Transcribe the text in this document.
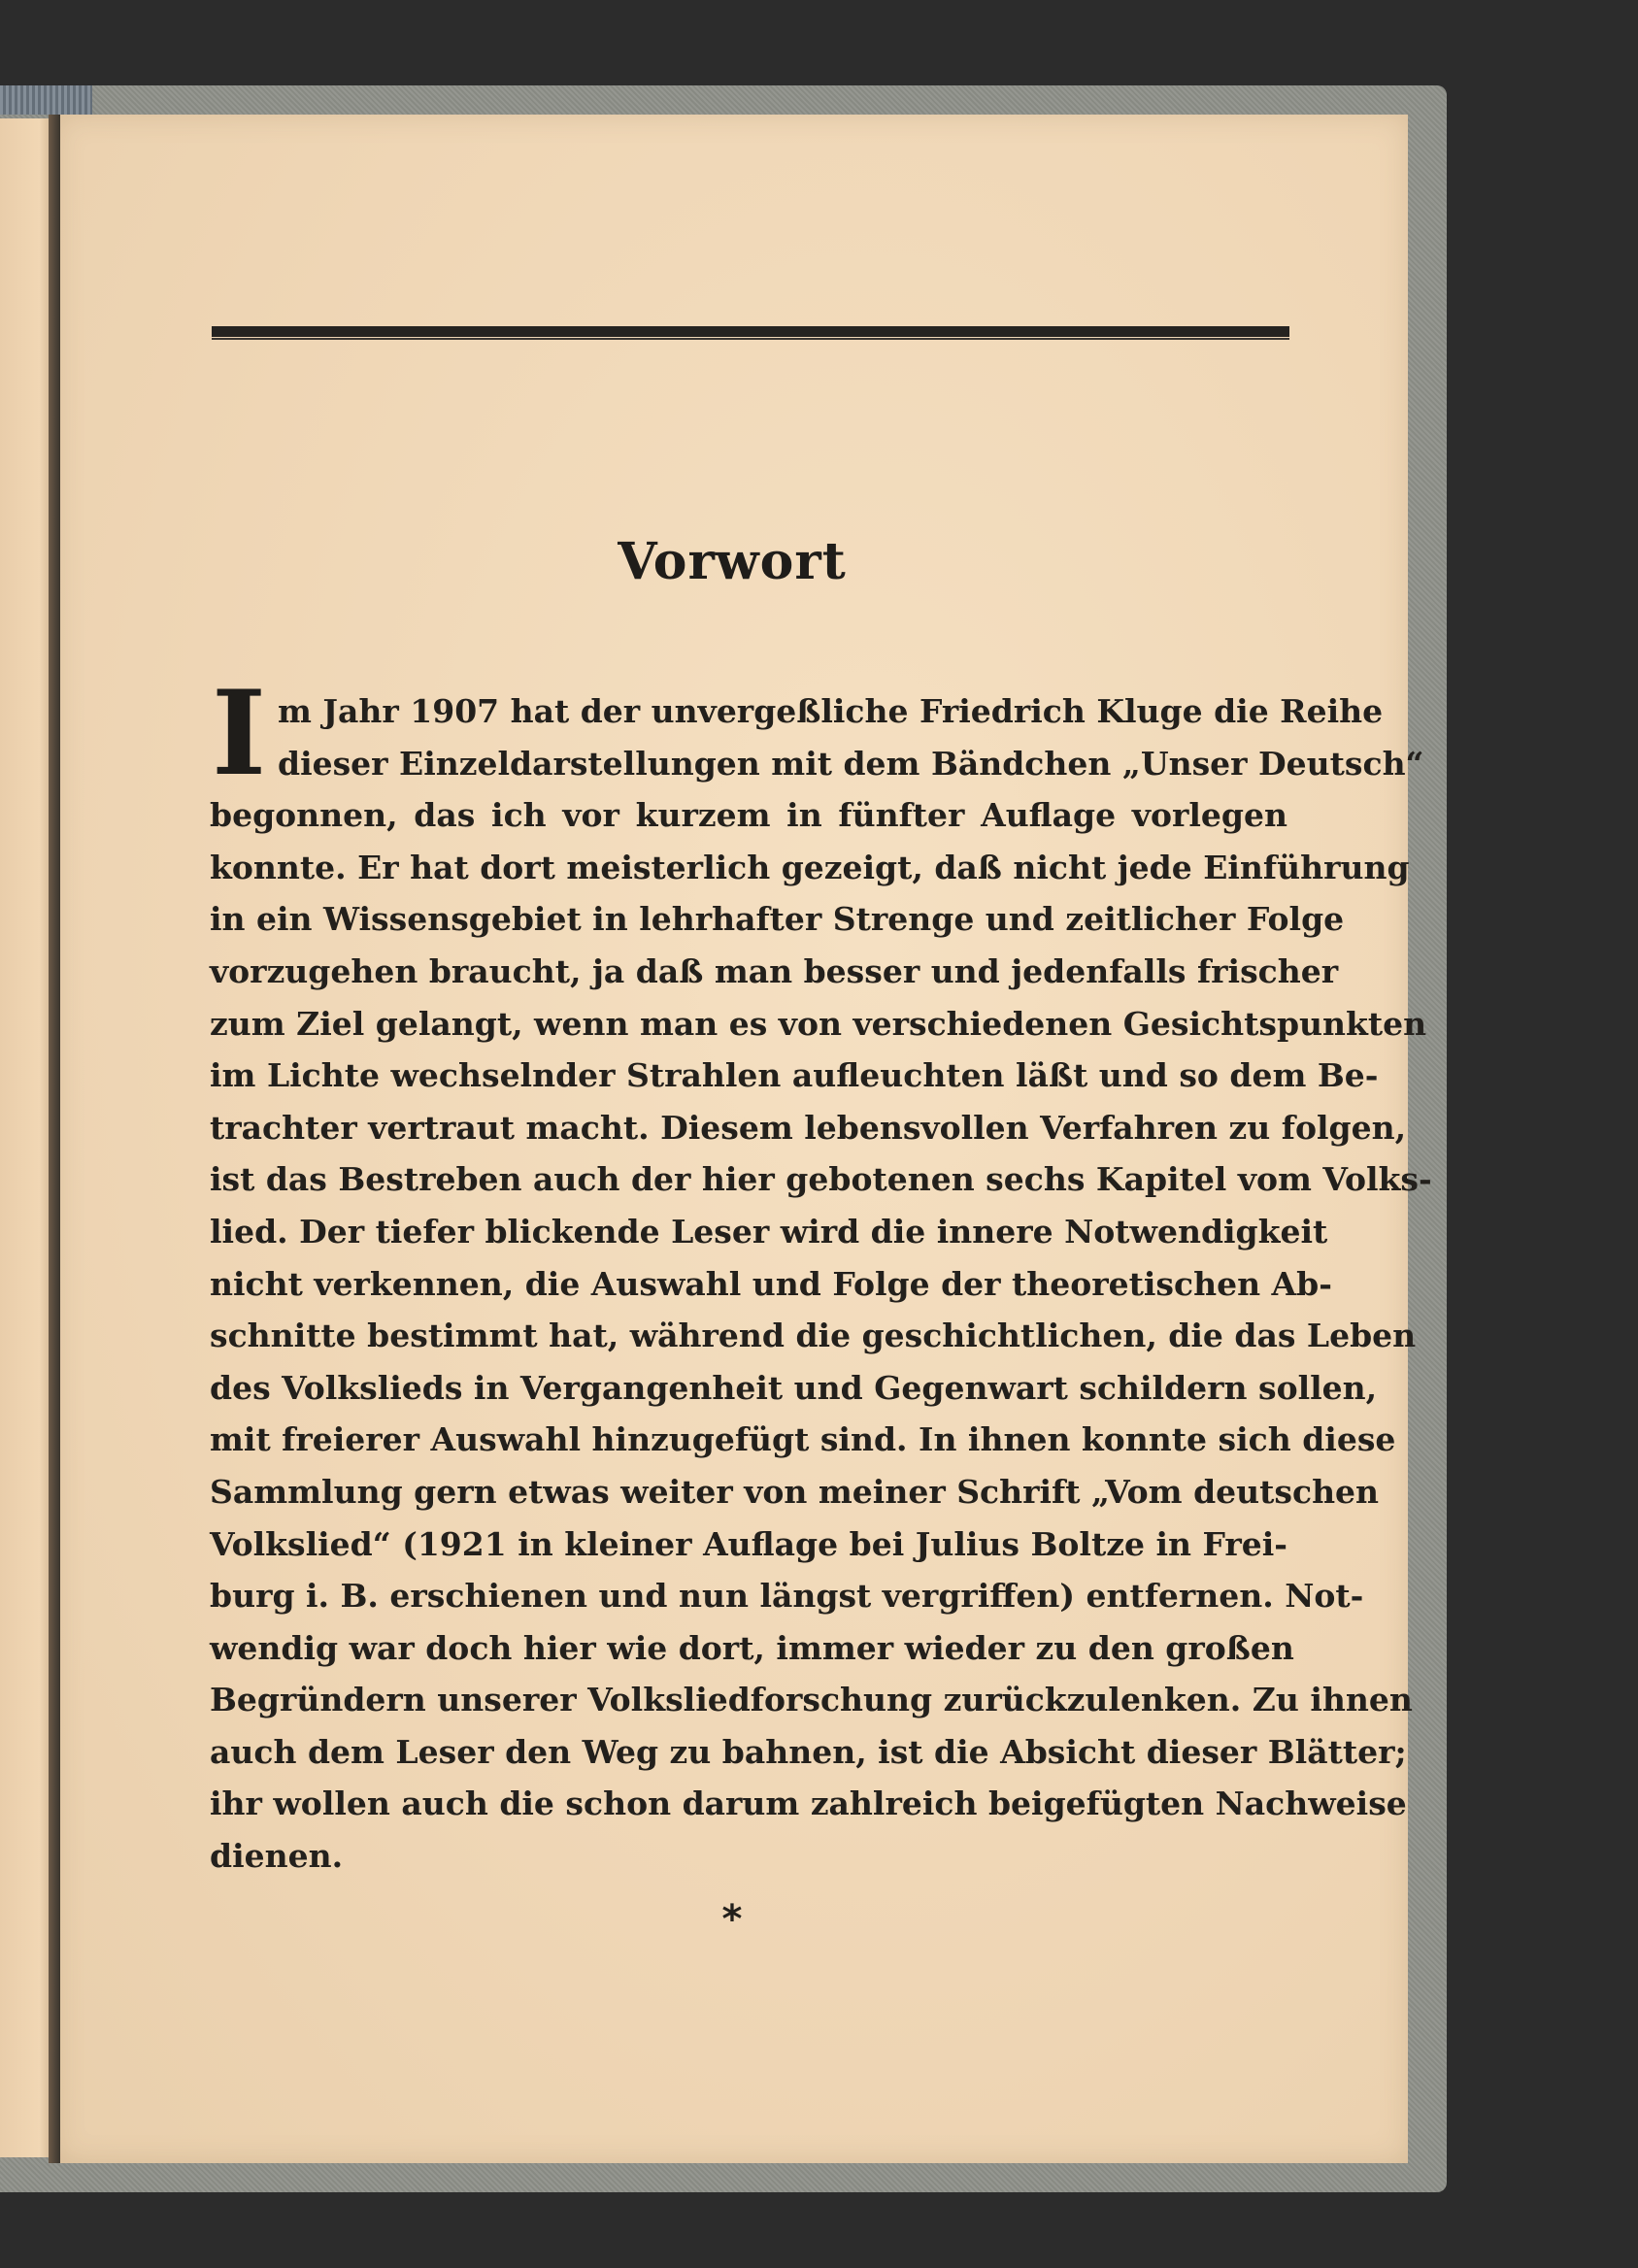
Vorwort
I m Jahr 1907 hat der unvergeßliche Friedrich Kluge die Reihe
dieser Einzeldarstellungen mit dem Bändchen „Unser Deutsch“
begonnen, das ich vor kurzem in fünfter Auflage vorlegen
konnte. Er hat dort meisterlich gezeigt, daß nicht jede Einführung
in ein Wissensgebiet in lehrhafter Strenge und zeitlicher Folge
vorzugehen braucht, ja daß man besser und jedenfalls frischer
zum Ziel gelangt, wenn man es von verschiedenen Gesichtspunkten
im Lichte wechselnder Strahlen aufleuchten läßt und so dem Be-
trachter vertraut macht. Diesem lebensvollen Verfahren zu folgen,
ist das Bestreben auch der hier gebotenen sechs Kapitel vom Volks-
lied. Der tiefer blickende Leser wird die innere Notwendigkeit
nicht verkennen, die Auswahl und Folge der theoretischen Ab-
schnitte bestimmt hat, während die geschichtlichen, die das Leben
des Volkslieds in Vergangenheit und Gegenwart schildern sollen,
mit freierer Auswahl hinzugefügt sind. In ihnen konnte sich diese
Sammlung gern etwas weiter von meiner Schrift „Vom deutschen
Volkslied“ (1921 in kleiner Auflage bei Julius Boltze in Frei-
burg i. B. erschienen und nun längst vergriffen) entfernen. Not-
wendig war doch hier wie dort, immer wieder zu den großen
Begründern unserer Volksliedforschung zurückzulenken. Zu ihnen
auch dem Leser den Weg zu bahnen, ist die Absicht dieser Blätter;
ihr wollen auch die schon darum zahlreich beigefügten Nachweise
dienen.
*
